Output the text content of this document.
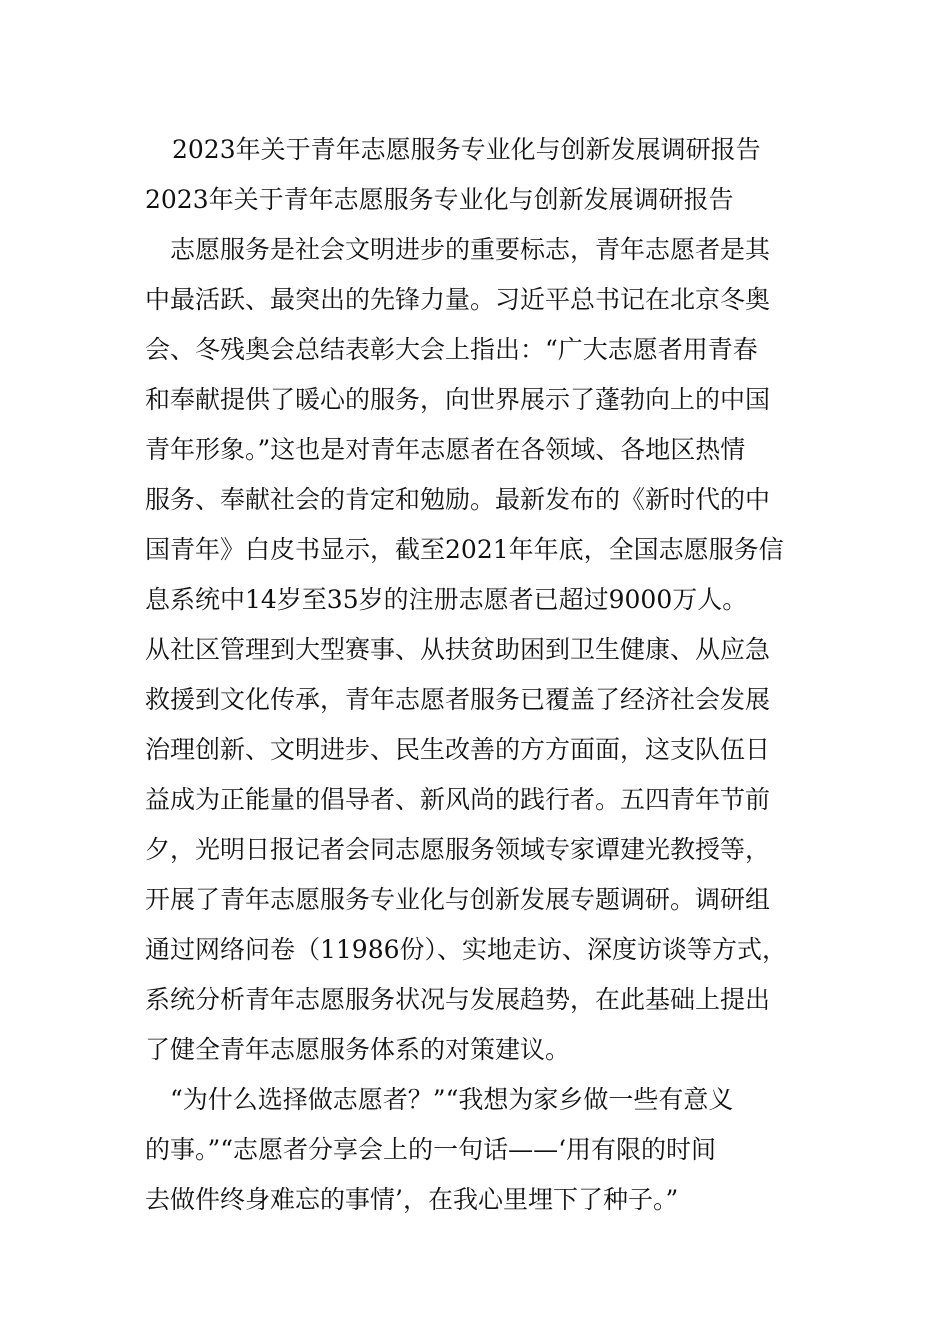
2023年关于青年志愿服务专业化与创新发展调研报告
2023年关于青年志愿服务专业化与创新发展调研报告
　志愿服务是社会文明进步的重要标志，青年志愿者是其
中最活跃、最突出的先锋力量。习近平总书记在北京冬奥
会、冬残奥会总结表彰大会上指出：“广大志愿者用青春
和奉献提供了暖心的服务，向世界展示了蓬勃向上的中国
青年形象。”这也是对青年志愿者在各领域、各地区热情
服务、奉献社会的肯定和勉励。最新发布的《新时代的中
国青年》白皮书显示，截至2021年年底，全国志愿服务信
息系统中14岁至35岁的注册志愿者已超过9000万人。
从社区管理到大型赛事、从扶贫助困到卫生健康、从应急
救援到文化传承，青年志愿者服务已覆盖了经济社会发展
治理创新、文明进步、民生改善的方方面面，这支队伍日
益成为正能量的倡导者、新风尚的践行者。五四青年节前
夕，光明日报记者会同志愿服务领域专家谭建光教授等，
开展了青年志愿服务专业化与创新发展专题调研。调研组
通过网络问卷（11986份）、实地走访、深度访谈等方式，
系统分析青年志愿服务状况与发展趋势，在此基础上提出
了健全青年志愿服务体系的对策建议。
　“为什么选择做志愿者？”“我想为家乡做一些有意义
的事。”“志愿者分享会上的一句话——‘用有限的时间
去做件终身难忘的事情’，在我心里埋下了种子。”
